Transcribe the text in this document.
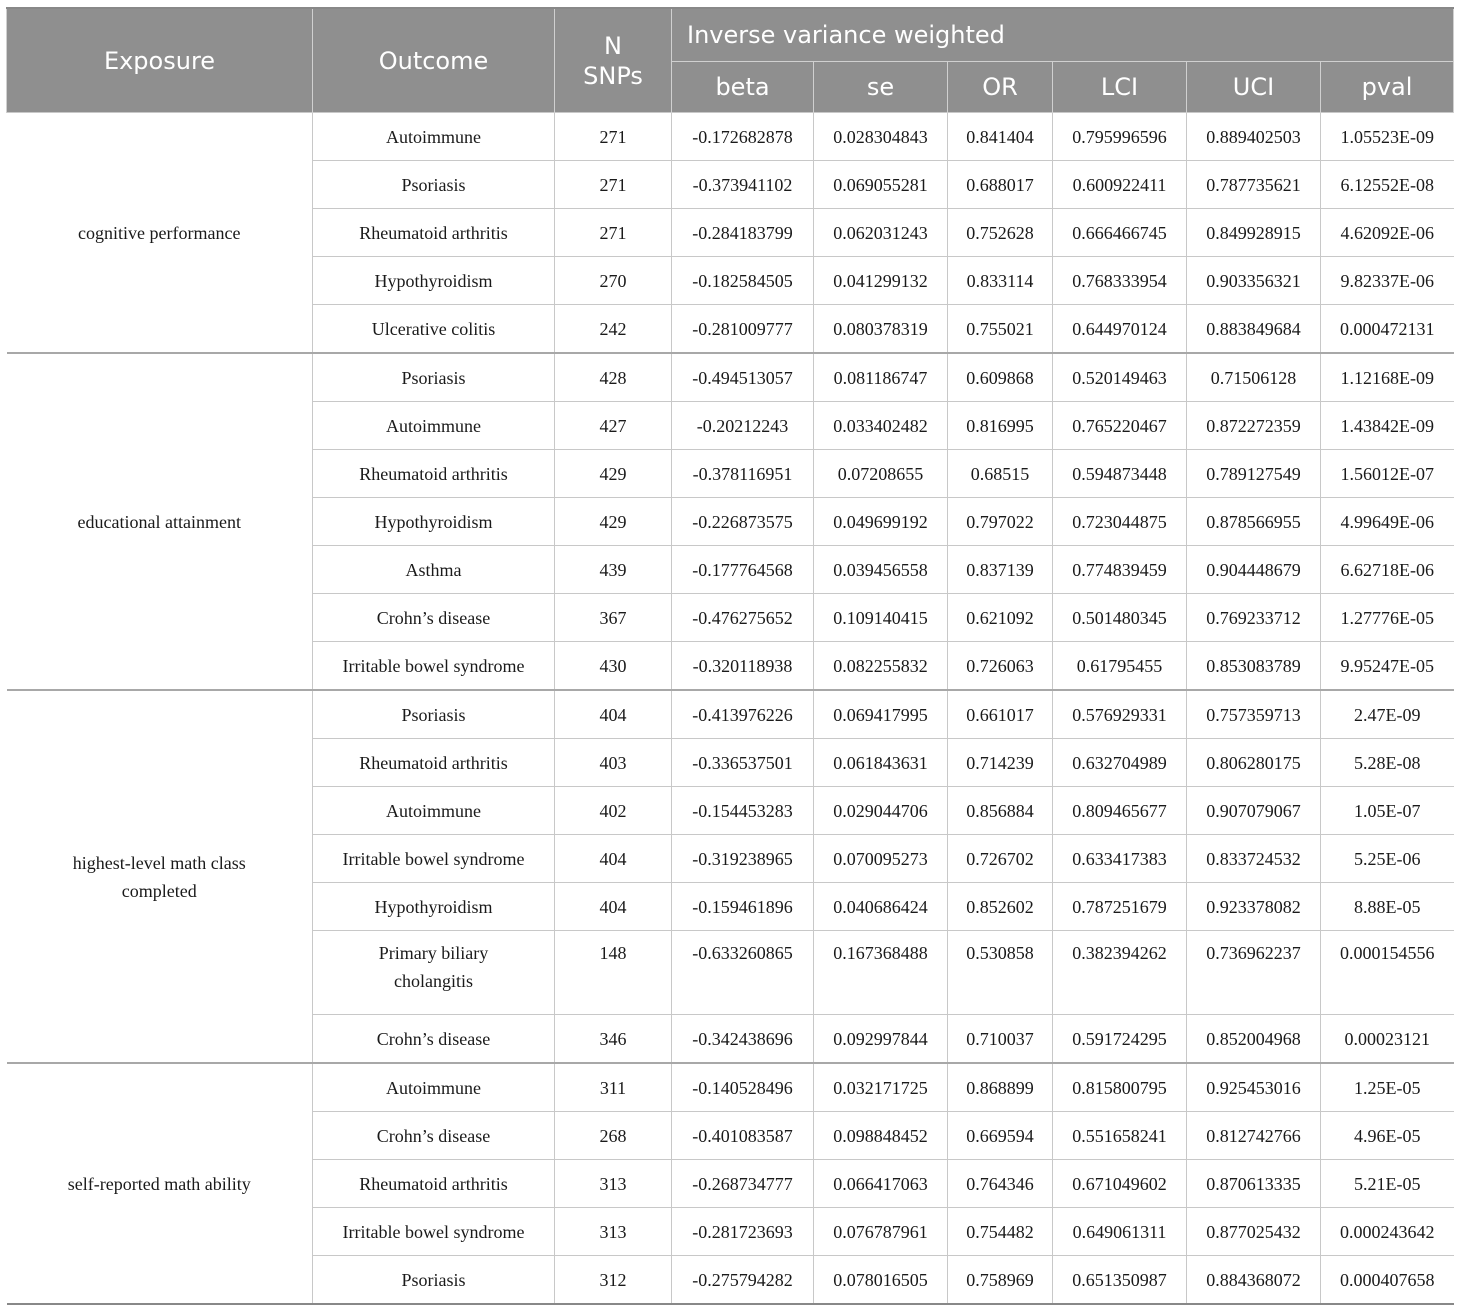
Exposure	Outcome	N SNPs	Inverse variance weighted					
			beta	se	OR	LCI	UCI	pval
cognitive performance	Autoimmune	271	-0.172682878	0.028304843	0.841404	0.795996596	0.889402503	1.05523E-09
	Psoriasis	271	-0.373941102	0.069055281	0.688017	0.600922411	0.787735621	6.12552E-08
	Rheumatoid arthritis	271	-0.284183799	0.062031243	0.752628	0.666466745	0.849928915	4.62092E-06
	Hypothyroidism	270	-0.182584505	0.041299132	0.833114	0.768333954	0.903356321	9.82337E-06
	Ulcerative colitis	242	-0.281009777	0.080378319	0.755021	0.644970124	0.883849684	0.000472131
educational attainment	Psoriasis	428	-0.494513057	0.081186747	0.609868	0.520149463	0.71506128	1.12168E-09
	Autoimmune	427	-0.20212243	0.033402482	0.816995	0.765220467	0.872272359	1.43842E-09
	Rheumatoid arthritis	429	-0.378116951	0.07208655	0.68515	0.594873448	0.789127549	1.56012E-07
	Hypothyroidism	429	-0.226873575	0.049699192	0.797022	0.723044875	0.878566955	4.99649E-06
	Asthma	439	-0.177764568	0.039456558	0.837139	0.774839459	0.904448679	6.62718E-06
	Crohn’s disease	367	-0.476275652	0.109140415	0.621092	0.501480345	0.769233712	1.27776E-05
	Irritable bowel syndrome	430	-0.320118938	0.082255832	0.726063	0.61795455	0.853083789	9.95247E-05
highest-level math class completed	Psoriasis	404	-0.413976226	0.069417995	0.661017	0.576929331	0.757359713	2.47E-09
	Rheumatoid arthritis	403	-0.336537501	0.061843631	0.714239	0.632704989	0.806280175	5.28E-08
	Autoimmune	402	-0.154453283	0.029044706	0.856884	0.809465677	0.907079067	1.05E-07
	Irritable bowel syndrome	404	-0.319238965	0.070095273	0.726702	0.633417383	0.833724532	5.25E-06
	Hypothyroidism	404	-0.159461896	0.040686424	0.852602	0.787251679	0.923378082	8.88E-05
	Primary biliary cholangitis	148	-0.633260865	0.167368488	0.530858	0.382394262	0.736962237	0.000154556
	Crohn’s disease	346	-0.342438696	0.092997844	0.710037	0.591724295	0.852004968	0.00023121
self-reported math ability	Autoimmune	311	-0.140528496	0.032171725	0.868899	0.815800795	0.925453016	1.25E-05
	Crohn’s disease	268	-0.401083587	0.098848452	0.669594	0.551658241	0.812742766	4.96E-05
	Rheumatoid arthritis	313	-0.268734777	0.066417063	0.764346	0.671049602	0.870613335	5.21E-05
	Irritable bowel syndrome	313	-0.281723693	0.076787961	0.754482	0.649061311	0.877025432	0.000243642
	Psoriasis	312	-0.275794282	0.078016505	0.758969	0.651350987	0.884368072	0.000407658
